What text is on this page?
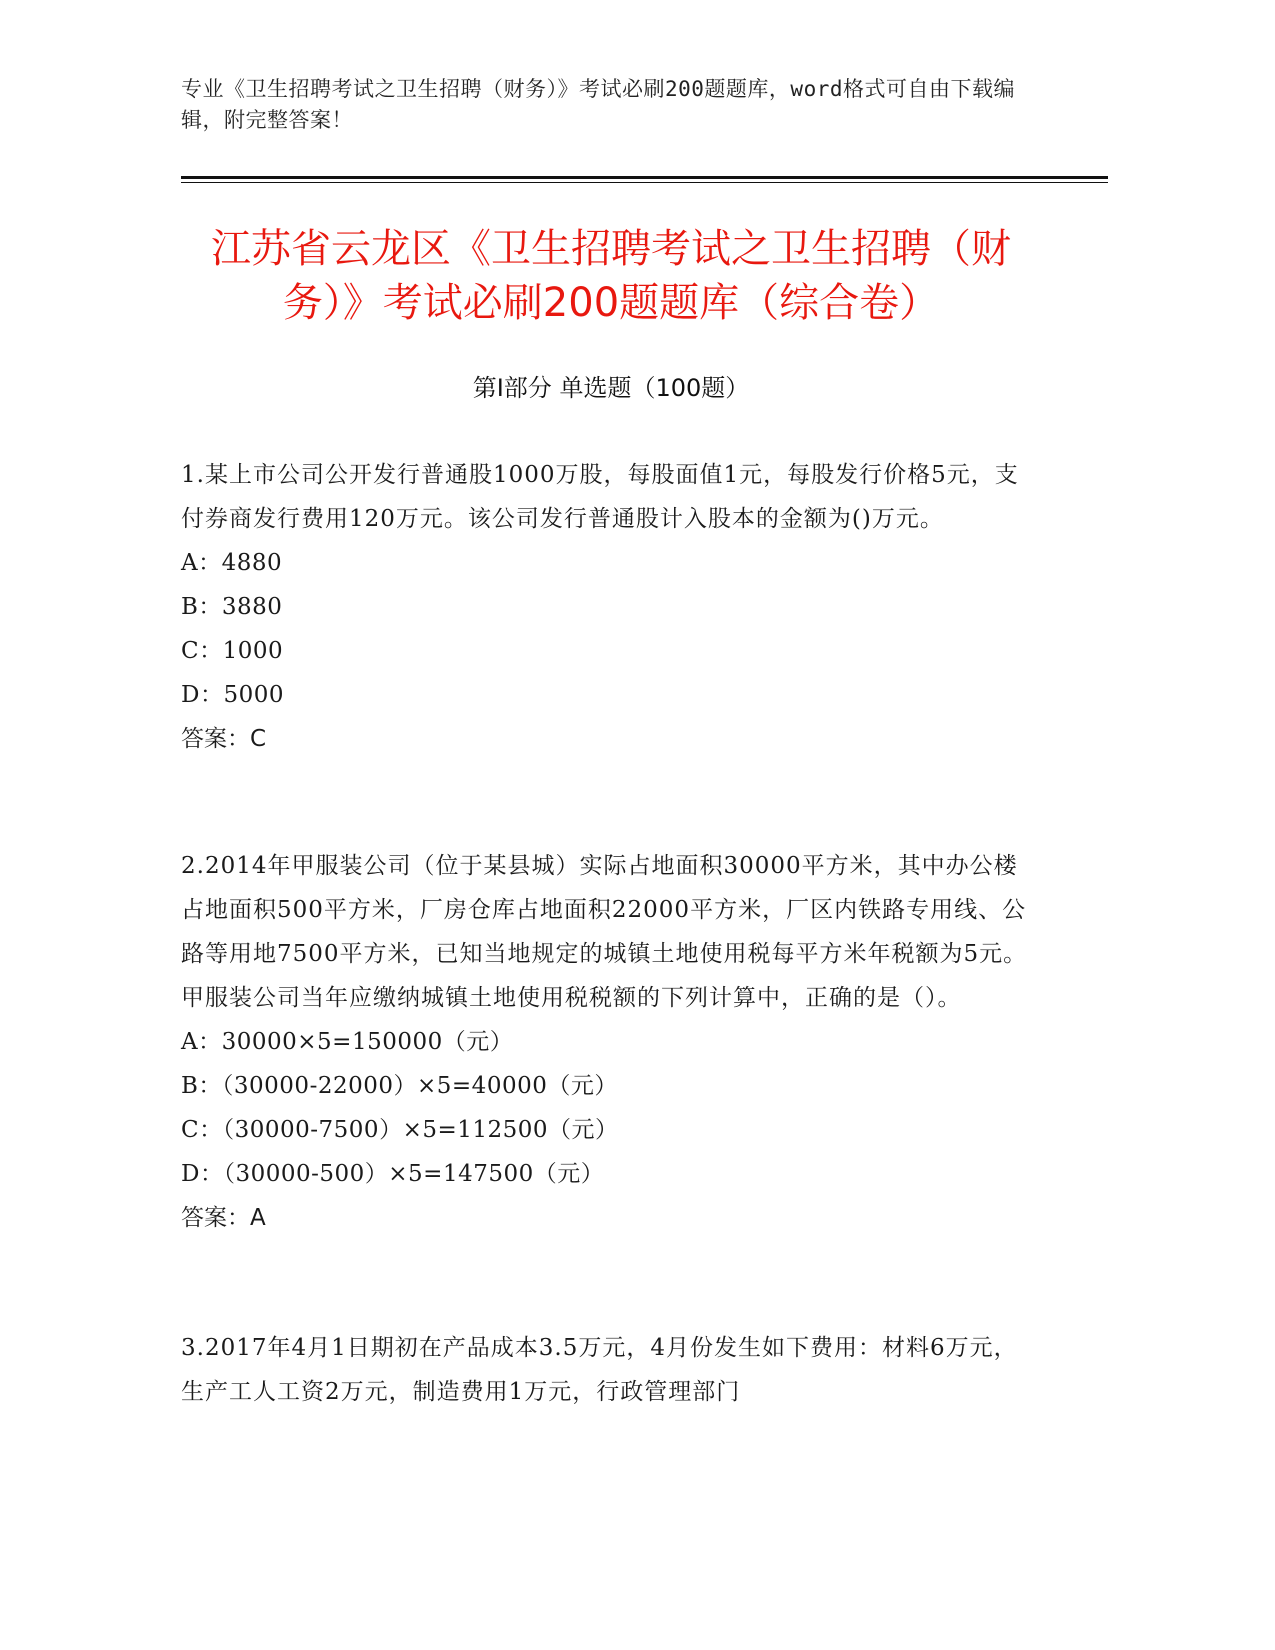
专业《卫生招聘考试之卫生招聘（财务）》考试必刷200题题库，word格式可自由下载编辑，附完整答案！
江苏省云龙区《卫生招聘考试之卫生招聘（财务）》考试必刷200题题库（综合卷）
第Ⅰ部分 单选题（100题）

1.某上市公司公开发行普通股1000万股，每股面值1元，每股发行价格5元，支付券商发行费用120万元。该公司发行普通股计入股本的金额为()万元。

A：4880

B：3880

C：1000

D：5000

答案：C

2.2014年甲服装公司（位于某县城）实际占地面积30000平方米，其中办公楼占地面积500平方米，厂房仓库占地面积22000平方米，厂区内铁路专用线、公路等用地7500平方米，已知当地规定的城镇土地使用税每平方米年税额为5元。甲服装公司当年应缴纳城镇土地使用税税额的下列计算中，正确的是（）。

A：30000×5=150000（元）

B：（30000-22000）×5=40000（元）

C：（30000-7500）×5=112500（元）

D：（30000-500）×5=147500（元）

答案：A

3.2017年4月1日期初在产品成本3.5万元，4月份发生如下费用：材料6万元，生产工人工资2万元，制造费用1万元，行政管理部门
